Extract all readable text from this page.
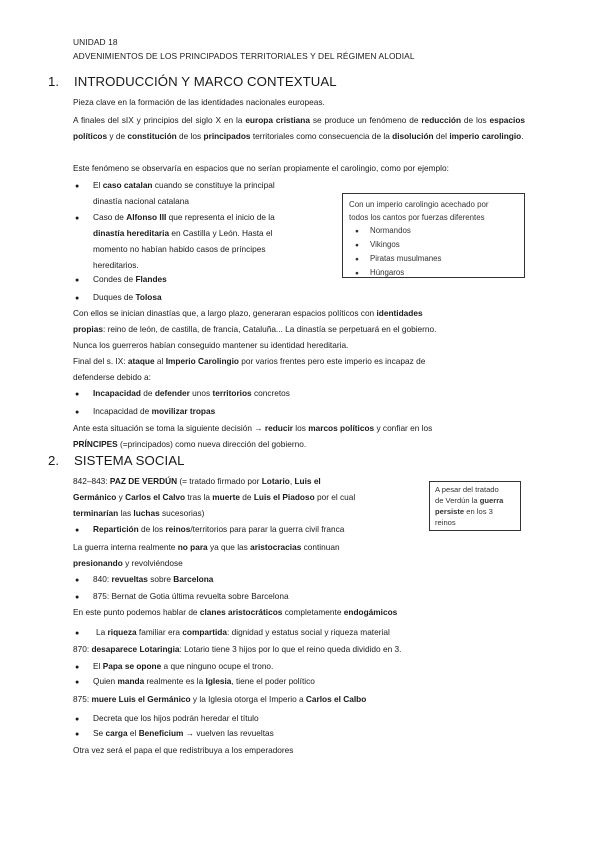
UNIDAD 18
ADVENIMIENTOS DE LOS PRINCIPADOS TERRITORIALES Y DEL RÉGIMEN ALODIAL
1. INTRODUCCIÓN Y MARCO CONTEXTUAL
Pieza clave en la formación de las identidades nacionales europeas.
A finales del sIX y principios del siglo X en la europa cristiana se produce un fenómeno de reducción de los espacios políticos y de constitución de los principados territoriales como consecuencia de la disolución del imperio carolingio.
Este fenómeno se observaría en espacios que no serían propiamente el carolingio, como por ejemplo:
●	El caso catalan cuando se constituye la principal
dinastía nacional catalana
●	Caso de Alfonso III que representa el inicio de la
dinastía hereditaria en Castilla y León. Hasta el
momento no habían habido casos de príncipes
hereditarios.
●	Condes de Flandes
●	Duques de Tolosa
Con un imperio carolingio acechado por
todos los cantos por fuerzas diferentes
● Normandos
● Vikingos
● Piratas musulmanes
● Húngaros
Con ellos se inician dinastías que, a largo plazo, generaran espacios políticos con identidades
propias: reino de león, de castilla, de francia, Cataluña... La dinastía se perpetuará en el gobierno.
Nunca los guerreros habían conseguido mantener su identidad hereditaria.
Final del s. IX: ataque al Imperio Carolingio por varios frentes pero este imperio es incapaz de
defenderse debido a:
●	Incapacidad de defender unos territorios concretos
●	Incapacidad de movilizar tropas
Ante esta situación se toma la siguiente decisión → reducir los marcos políticos y confiar en los
PRÍNCIPES (=principados) como nueva dirección del gobierno.
2. SISTEMA SOCIAL
842–843: PAZ DE VERDÚN (= tratado firmado por Lotario, Luis el
Germánico y Carlos el Calvo tras la muerte de Luis el Piadoso por el cual
terminarían las luchas sucesorias)
A pesar del tratado
de Verdún la guerra
persiste en los 3
reinos
●	Repartición de los reinos/territorios para parar la guerra civil franca
La guerra interna realmente no para ya que las aristocracias continuan
presionando y revolviéndose
●	840: revueltas sobre Barcelona
●	875: Bernat de Gotia última revuelta sobre Barcelona
En este punto podemos hablar de clanes aristocráticos completamente endogámicos
●	La riqueza familiar era compartida: dignidad y estatus social y riqueza material
870: desaparece Lotaringia: Lotario tiene 3 hijos por lo que el reino queda dividido en 3.
●	El Papa se opone a que ninguno ocupe el trono.
●	Quien manda realmente es la Iglesia, tiene el poder político
875: muere Luis el Germánico y la Iglesia otorga el Imperio a Carlos el Calbo
●	Decreta que los hijos podrán heredar el título
●	Se carga el Beneficium → vuelven las revueltas
Otra vez será el papa el que redistribuya a los emperadores
